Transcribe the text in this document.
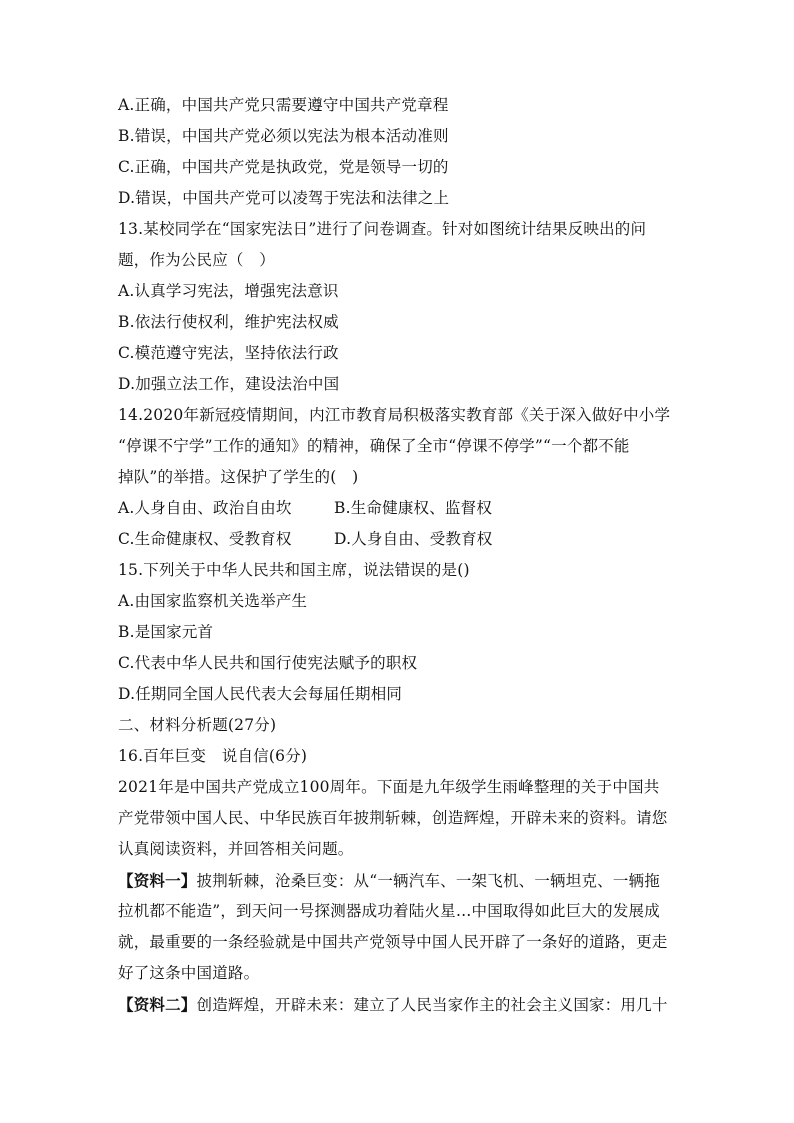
A.正确，中国共产党只需要遵守中国共产党章程
B.错误，中国共产党必须以宪法为根本活动准则
C.正确，中国共产党是执政党，党是领导一切的
D.错误，中国共产党可以凌驾于宪法和法律之上
13.某校同学在“国家宪法日”进行了问卷调查。针对如图统计结果反映出的问
题，作为公民应（　）
A.认真学习宪法，增强宪法意识
B.依法行使权利，维护宪法权威
C.模范遵守宪法，坚持依法行政
D.加强立法工作，建设法治中国
14.2020年新冠疫情期间，内江市教育局积极落实教育部《关于深入做好中小学
“停课不宁学”工作的通知》的精神，确保了全市“停课不停学”“一个都不能
掉队”的举措。这保护了学生的(　)
A.人身自由、政治自由坎	B.生命健康权、监督权
C.生命健康权、受教育权	D.人身自由、受教育权
15.下列关于中华人民共和国主席，说法错误的是()
A.由国家监察机关选举产生
B.是国家元首
C.代表中华人民共和国行使宪法赋予的职权
D.任期同全国人民代表大会每届任期相同
二、材料分析题(27分)
16.百年巨变　说自信(6分)
2021年是中国共产党成立100周年。下面是九年级学生雨峰整理的关于中国共
产党带领中国人民、中华民族百年披荆斩棘，创造辉煌，开辟未来的资料。请您
认真阅读资料，并回答相关问题。
【资料一】披荆斩棘，沧桑巨变：从“一辆汽车、一架飞机、一辆坦克、一辆拖
拉机都不能造”，到天问一号探测器成功着陆火星…中国取得如此巨大的发展成
就，最重要的一条经验就是中国共产党领导中国人民开辟了一条好的道路，更走
好了这条中国道路。
【资料二】创造辉煌，开辟未来：建立了人民当家作主的社会主义国家：用几十
